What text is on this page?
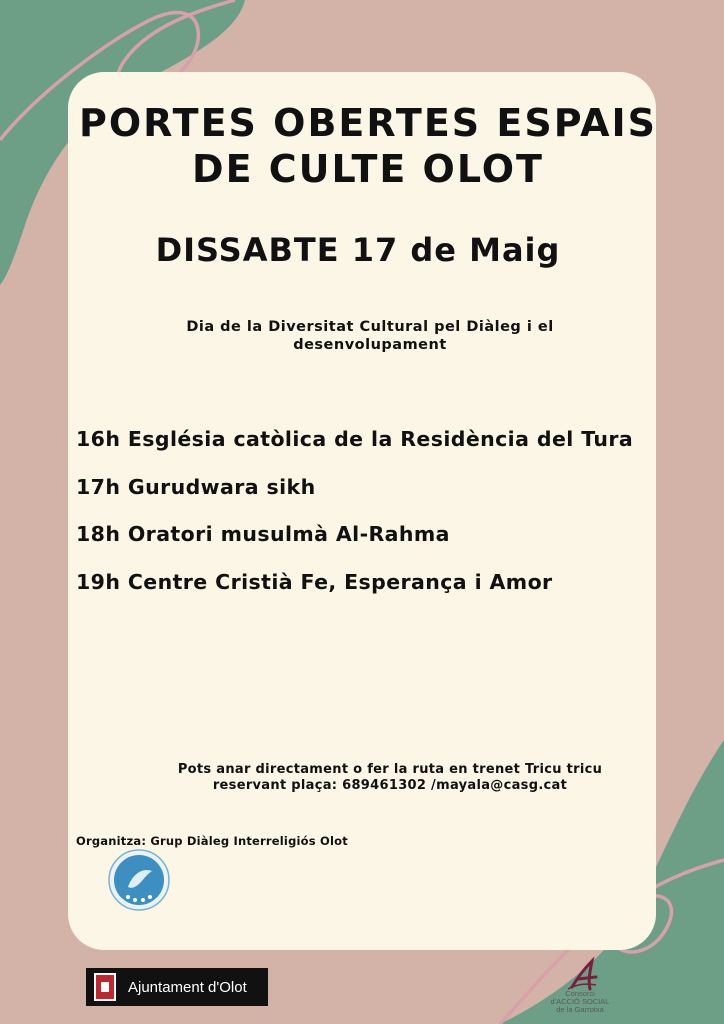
PORTES OBERTES ESPAIS
DE CULTE OLOT
DISSABTE 17 de Maig
Dia de la Diversitat Cultural pel Diàleg i el
desenvolupament
16h Església catòlica de la Residència del Tura
17h Gurudwara sikh
18h Oratori musulmà Al-Rahma
19h Centre Cristià Fe, Esperança i Amor
Pots anar directament o fer la ruta en trenet Tricu tricu
reservant plaça: 689461302 /mayala@casg.cat
Organitza: Grup Diàleg Interreligiós Olot
Ajuntament d'Olot	Consorci
d'ACCIÓ SOCIAL
de la Garrotxa
